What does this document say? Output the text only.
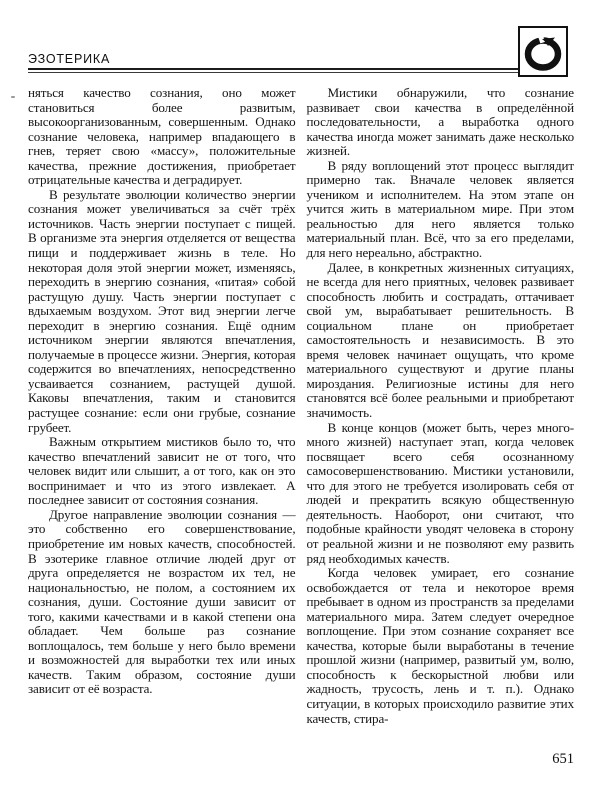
ЭЗОТЕРИКА

няться качество сознания, оно может становиться более развитым, высокоорганизованным, совершенным. Однако сознание человека, например впадающего в гнев, теряет свою «массу», положительные качества, прежние достижения, приобретает отрицательные качества и деградирует.

В результате эволюции количество энергии сознания может увеличиваться за счёт трёх источников. Часть энергии поступает с пищей. В организме эта энергия отделяется от вещества пищи и поддерживает жизнь в теле. Но некоторая доля этой энергии может, изменяясь, переходить в энергию сознания, «питая» собой растущую душу. Часть энергии поступает с вдыхаемым воздухом. Этот вид энергии легче переходит в энергию сознания. Ещё одним источником энергии являются впечатления, получаемые в процессе жизни. Энергия, которая содержится во впечатлениях, непосредственно усваивается сознанием, растущей душой. Каковы впечатления, таким и становится растущее сознание: если они грубые, сознание грубеет.

Важным открытием мистиков было то, что качество впечатлений зависит не от того, что человек видит или слышит, а от того, как он это воспринимает и что из этого извлекает. А последнее зависит от состояния сознания.

Другое направление эволюции сознания — это собственно его совершенствование, приобретение им новых качеств, способностей. В эзотерике главное отличие людей друг от друга определяется не возрастом их тел, не национальностью, не полом, а состоянием их сознания, души. Состояние души зависит от того, какими качествами и в какой степени она обладает. Чем больше раз сознание воплощалось, тем больше у него было времени и возможностей для выработки тех или иных качеств. Таким образом, состояние души зависит от её возраста.

Мистики обнаружили, что сознание развивает свои качества в определённой последовательности, а выработка одного качества иногда может занимать даже несколько жизней.

В ряду воплощений этот процесс выглядит примерно так. Вначале человек является учеником и исполнителем. На этом этапе он учится жить в материальном мире. При этом реальностью для него является только материальный план. Всё, что за его пределами, для него нереально, абстрактно.

Далее, в конкретных жизненных ситуациях, не всегда для него приятных, человек развивает способность любить и сострадать, оттачивает свой ум, вырабатывает решительность. В социальном плане он приобретает самостоятельность и независимость. В это время человек начинает ощущать, что кроме материального существуют и другие планы мироздания. Религиозные истины для него становятся всё более реальными и приобретают значимость.

В конце концов (может быть, через много-много жизней) наступает этап, когда человек посвящает всего себя осознанному самосовершенствованию. Мистики установили, что для этого не требуется изолировать себя от людей и прекратить всякую общественную деятельность. Наоборот, они считают, что подобные крайности уводят человека в сторону от реальной жизни и не позволяют ему развить ряд необходимых качеств.

Когда человек умирает, его сознание освобождается от тела и некоторое время пребывает в одном из пространств за пределами материального мира. Затем следует очередное воплощение. При этом сознание сохраняет все качества, которые были выработаны в течение прошлой жизни (например, развитый ум, волю, способность к бескорыстной любви или жадность, трусость, лень и т. п.). Однако ситуации, в которых происходило развитие этих качеств, стира-

651
